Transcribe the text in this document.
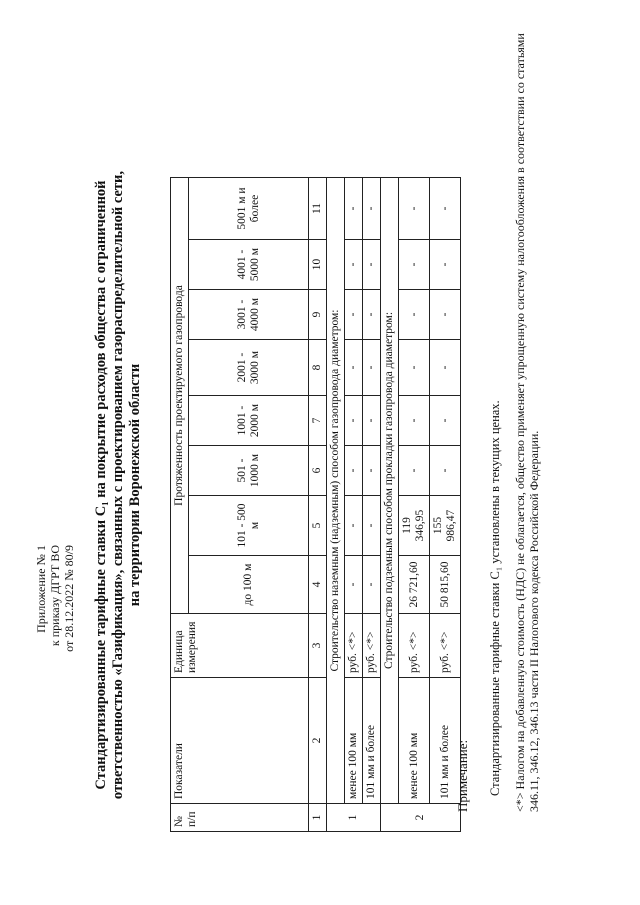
Приложение № 1 к приказу ДГРТ ВО от 28.12.2022 № 80/9 Стандартизированные тарифные ставки C₁ на покрытие расходов общества с ограниченной ответственностью «Газификация», связанных с проектированием газораспределительной сети, на территории Воронежской области
№ п/п	Показатели	Единица измерения	Протяженность проектируемого газопровода							
			до 100 м	101 - 500 м	501 - 1000 м	1001 - 2000 м	2001 - 3000 м	3001 - 4000 м	4001 - 5000 м	5001 м и более
1	2	3	4	5	6	7	8	9	10	11
1	Строительство наземным (надземным) способом газопровода диаметром:									
	менее 100 мм	руб. <*>	-	-	-	-	-	-	-	-
	101 мм и более	руб. <*>	-	-	-	-	-	-	-	-
2	Строительство подземным способом прокладки газопровода диаметром:									
	менее 100 мм	руб. <*>	26 721,60	119 346,95	-	-	-	-	-	-
	101 мм и более	руб. <*>	50 815,60	155 986,47	-	-	-	-	-	-
Примечание: Стандартизированные тарифные ставки C₁ установлены в текущих ценах. <*> Налогом на добавленную стоимость (НДС) не облагается, общество применяет упрощенную систему налогообложения в соответствии со статьями 346.11, 346.12, 346.13 части II Налогового кодекса Российской Федерации.
